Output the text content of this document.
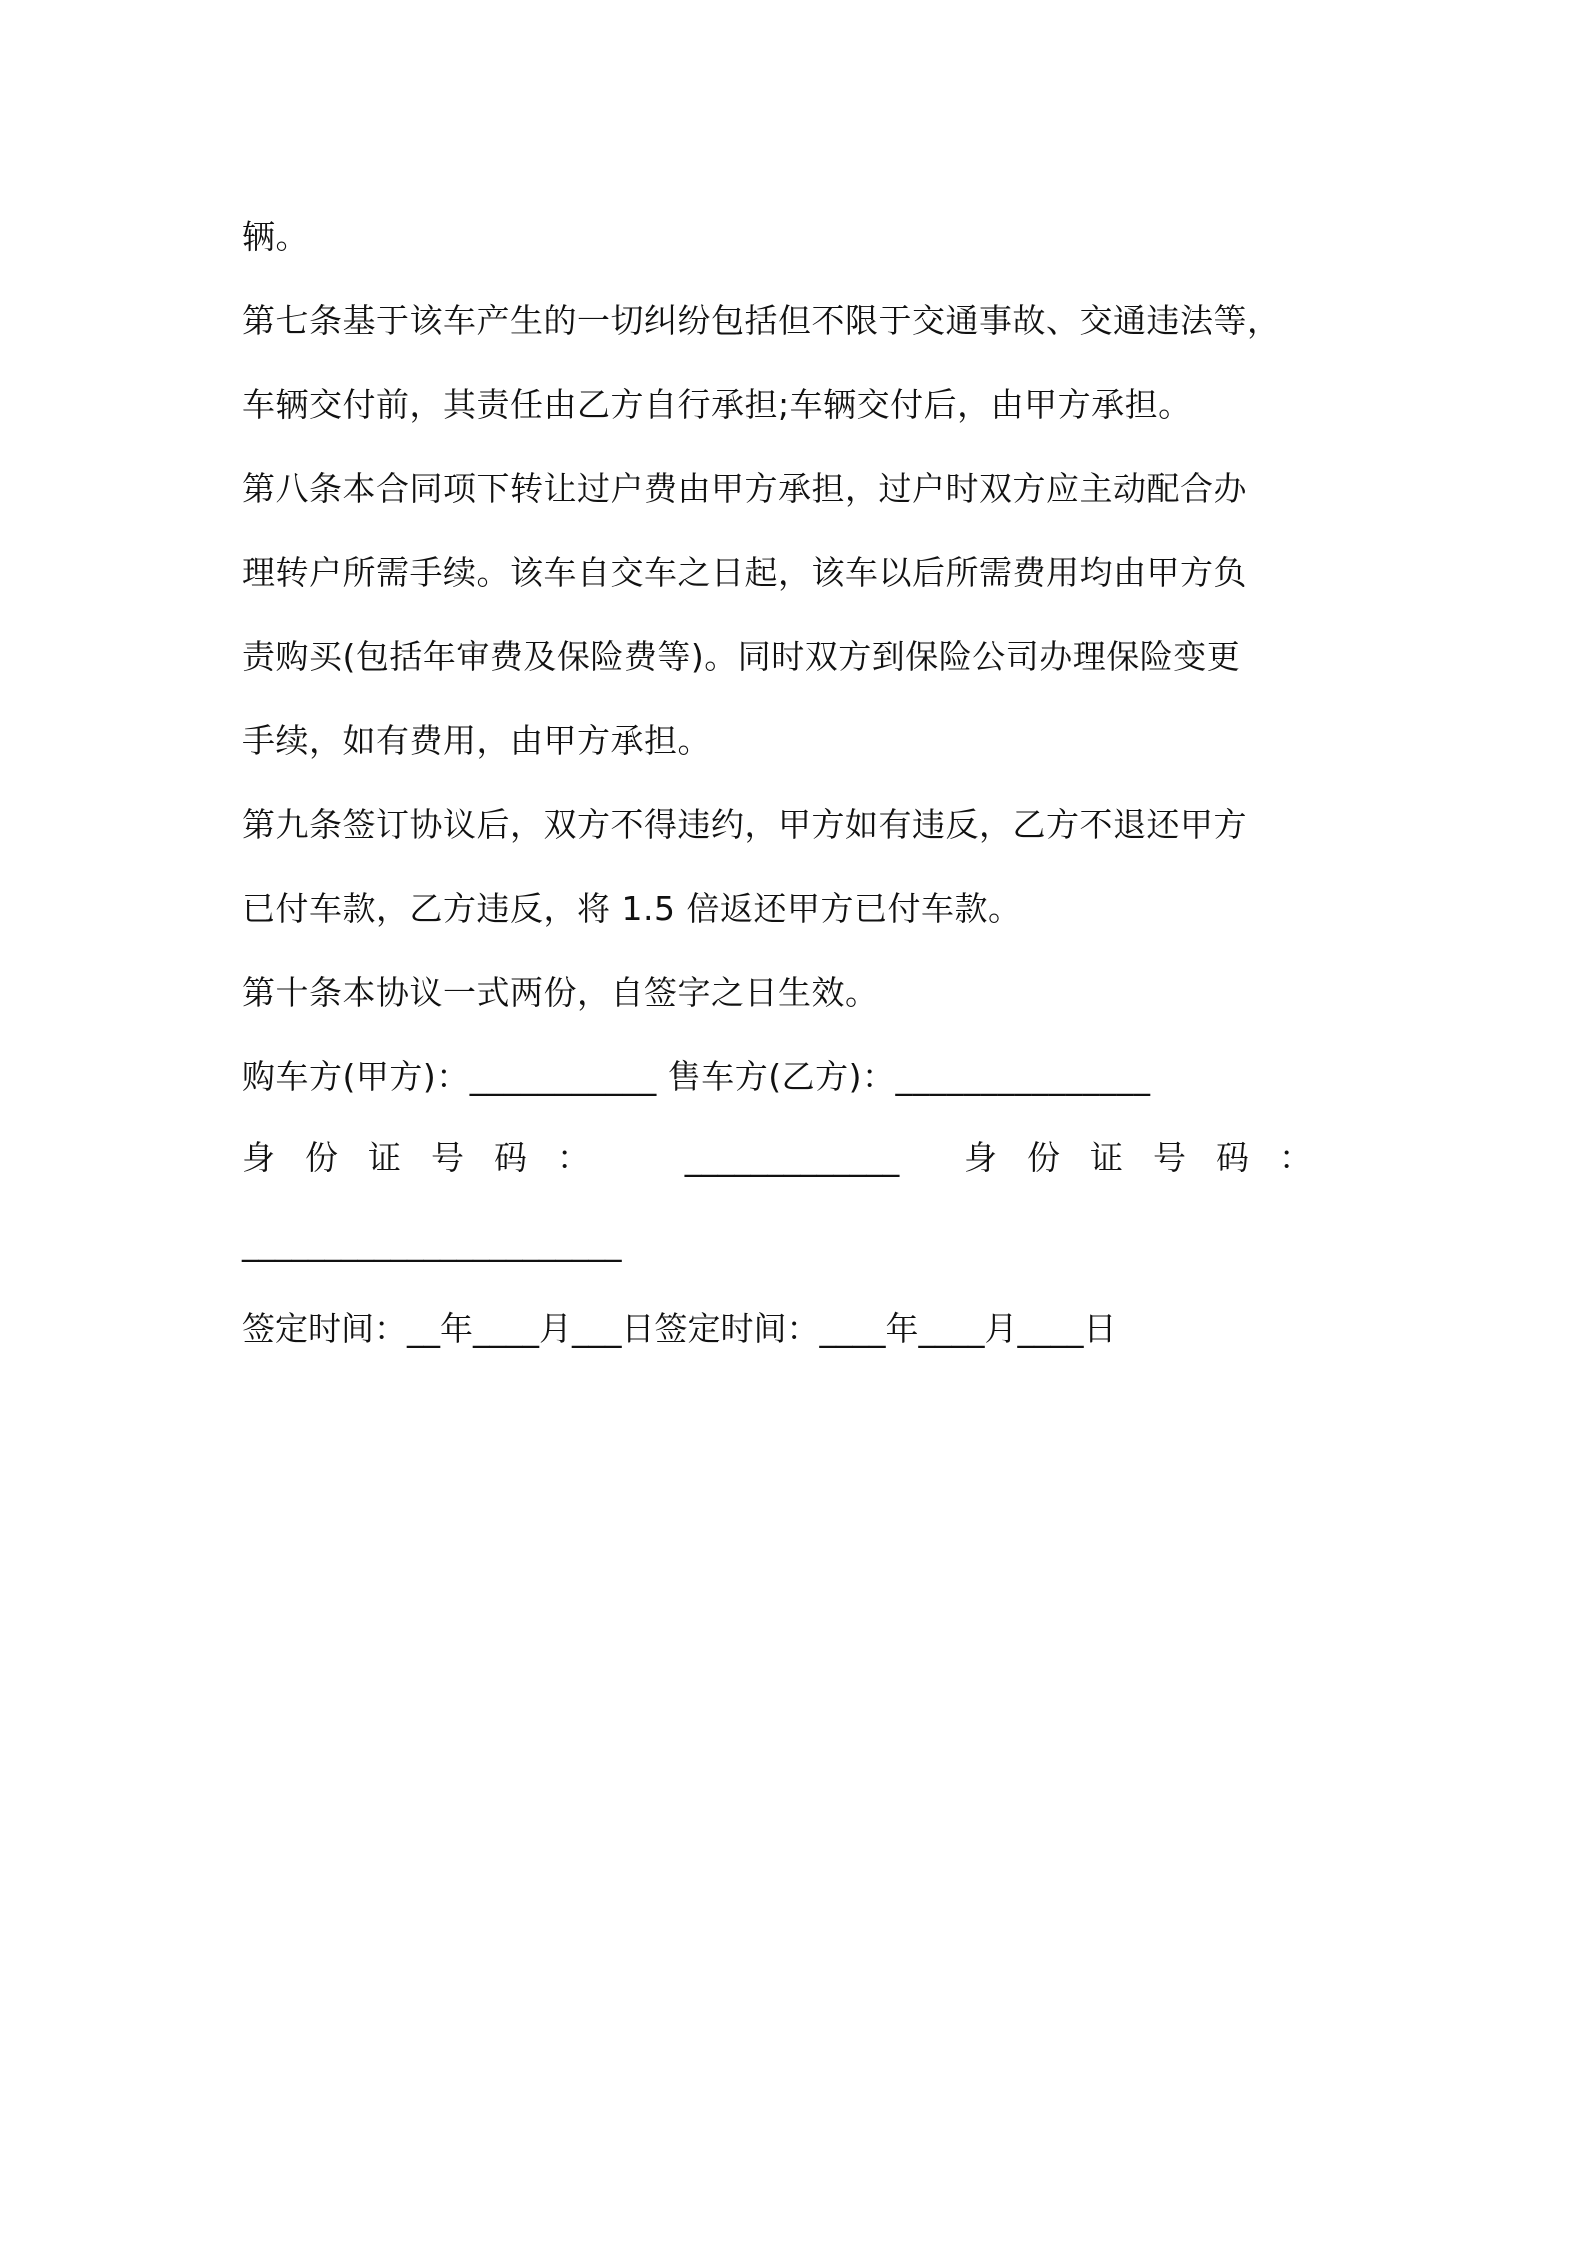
辆。
第七条基于该车产生的一切纠纷包括但不限于交通事故、交通违法等，
车辆交付前，其责任由乙方自行承担;车辆交付后，由甲方承担。
第八条本合同项下转让过户费由甲方承担，过户时双方应主动配合办
理转户所需手续。该车自交车之日起，该车以后所需费用均由甲方负
责购买(包括年审费及保险费等)。同时双方到保险公司办理保险变更
手续，如有费用，由甲方承担。
第九条签订协议后，双方不得违约，甲方如有违反，乙方不退还甲方
已付车款，乙方违反，将 1.5 倍返还甲方已付车款。
第十条本协议一式两份，自签字之日生效。
购车方(甲方)：___________ 售车方(乙方)：_______________
身份证号码： _____________ 身份证号码：
_______________________
签定时间：__年____月___日签定时间：____年____月____日
